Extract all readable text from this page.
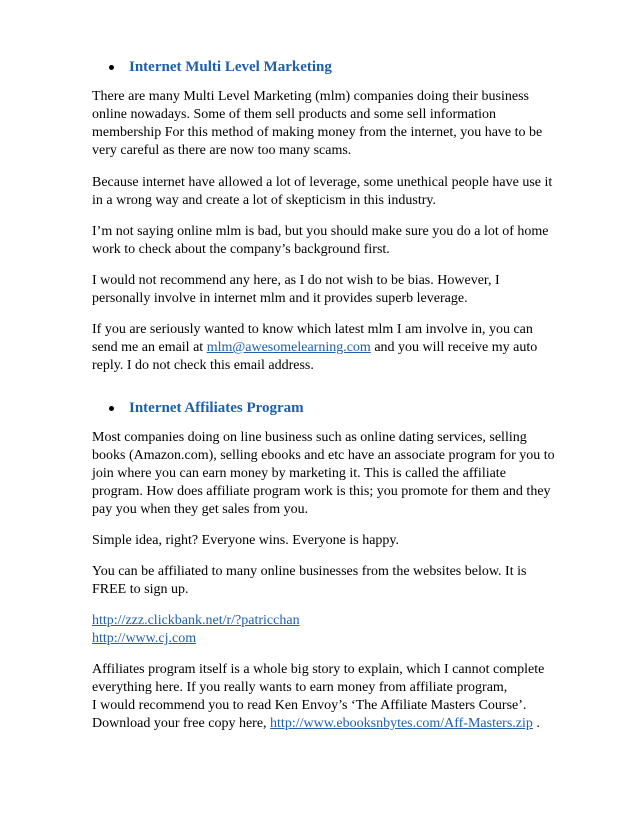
Internet Multi Level Marketing

There are many Multi Level Marketing (mlm) companies doing their business
online nowadays. Some of them sell products and some sell information
membership For this method of making money from the internet, you have to be
very careful as there are now too many scams.

Because internet have allowed a lot of leverage, some unethical people have use it
in a wrong way and create a lot of skepticism in this industry.

I’m not saying online mlm is bad, but you should make sure you do a lot of home
work to check about the company’s background first.

I would not recommend any here, as I do not wish to be bias. However, I
personally involve in internet mlm and it provides superb leverage.

If you are seriously wanted to know which latest mlm I am involve in, you can
send me an email at mlm@awesomelearning.com and you will receive my auto
reply. I do not check this email address.

Internet Affiliates Program

Most companies doing on line business such as online dating services, selling
books (Amazon.com), selling ebooks and etc have an associate program for you to
join where you can earn money by marketing it. This is called the affiliate
program. How does affiliate program work is this; you promote for them and they
pay you when they get sales from you.

Simple idea, right? Everyone wins. Everyone is happy.

You can be affiliated to many online businesses from the websites below. It is
FREE to sign up.

http://zzz.clickbank.net/r/?patricchan
http://www.cj.com

Affiliates program itself is a whole big story to explain, which I cannot complete
everything here. If you really wants to earn money from affiliate program,
I would recommend you to read Ken Envoy’s ‘The Affiliate Masters Course’.
Download your free copy here, http://www.ebooksnbytes.com/Aff-Masters.zip .
